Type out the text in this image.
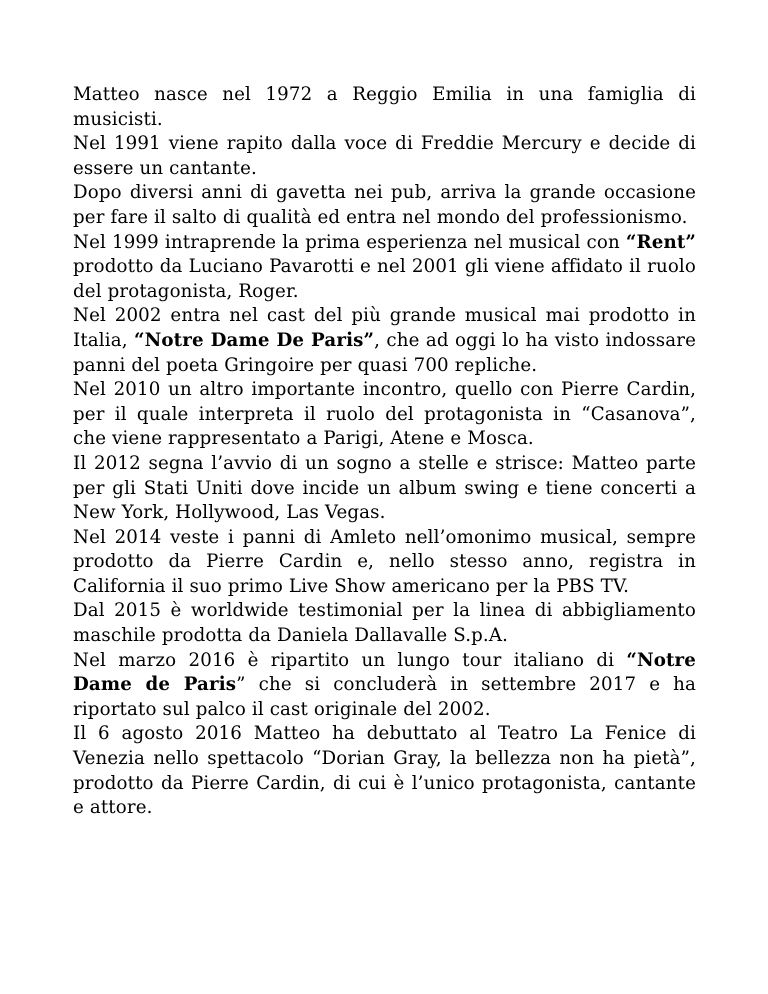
Matteo nasce nel 1972 a Reggio Emilia in una famiglia di musicisti.

Nel 1991 viene rapito dalla voce di Freddie Mercury e decide di essere un cantante.

Dopo diversi anni di gavetta nei pub, arriva la grande occasione per fare il salto di qualità ed entra nel mondo del professionismo.

Nel 1999 intraprende la prima esperienza nel musical con “Rent” prodotto da Luciano Pavarotti e nel 2001 gli viene affidato il ruolo del protagonista, Roger.

Nel 2002 entra nel cast del più grande musical mai prodotto in Italia, “Notre Dame De Paris”, che ad oggi lo ha visto indossare panni del poeta Gringoire per quasi 700 repliche.

Nel 2010 un altro importante incontro, quello con Pierre Cardin, per il quale interpreta il ruolo del protagonista in “Casanova”, che viene rappresentato a Parigi, Atene e Mosca.

Il 2012 segna l’avvio di un sogno a stelle e strisce: Matteo parte per gli Stati Uniti dove incide un album swing e tiene concerti a New York, Hollywood, Las Vegas.

Nel 2014 veste i panni di Amleto nell’omonimo musical, sempre prodotto da Pierre Cardin e, nello stesso anno, registra in California il suo primo Live Show americano per la PBS TV.

Dal 2015 è worldwide testimonial per la linea di abbigliamento maschile prodotta da Daniela Dallavalle S.p.A.

Nel marzo 2016 è ripartito un lungo tour italiano di “Notre Dame de Paris” che si concluderà in settembre 2017 e ha riportato sul palco il cast originale del 2002.

Il 6 agosto 2016 Matteo ha debuttato al Teatro La Fenice di Venezia nello spettacolo “Dorian Gray, la bellezza non ha pietà”, prodotto da Pierre Cardin, di cui è l’unico protagonista, cantante e attore.
